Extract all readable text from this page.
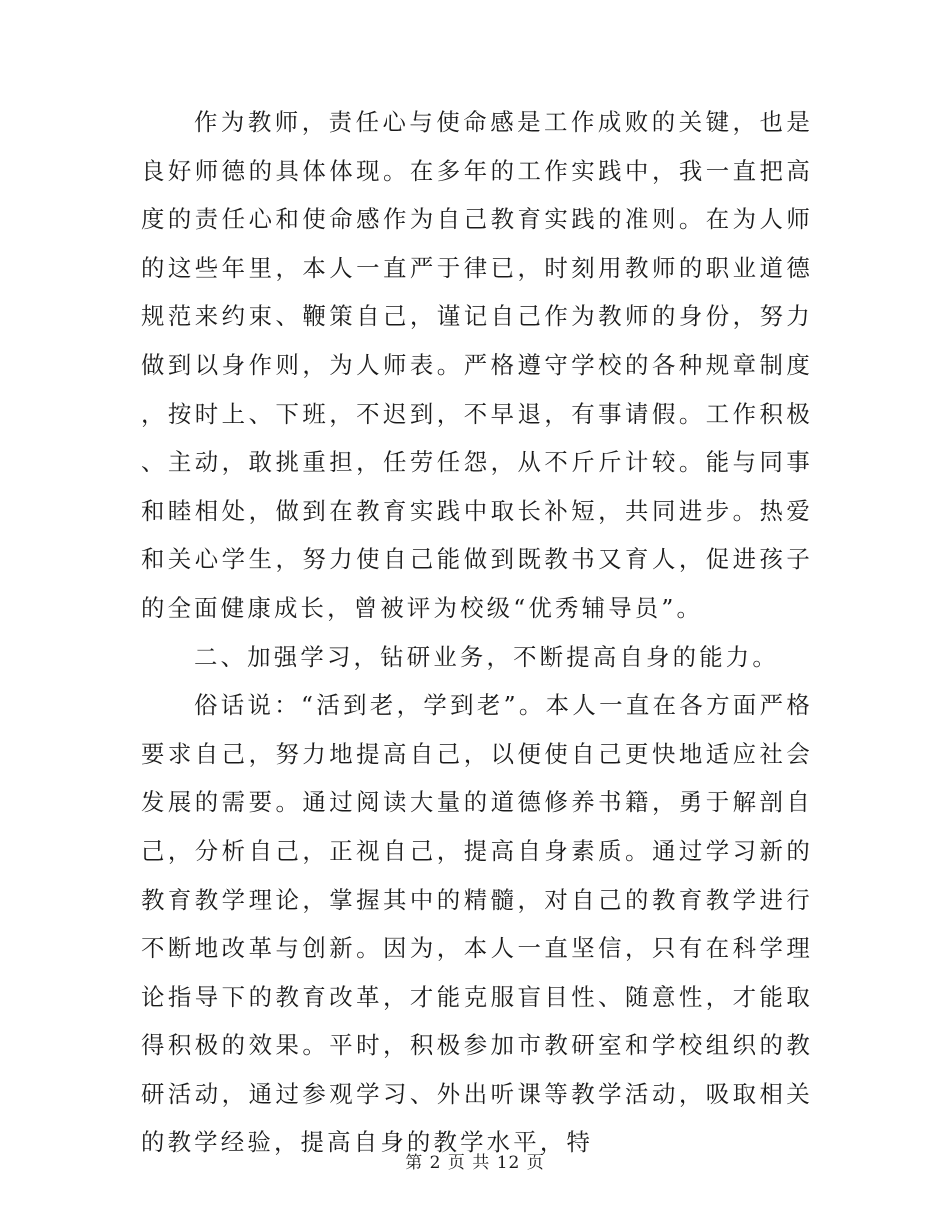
作为教师，责任心与使命感是工作成败的关键，也是良好师德的具体体现。在多年的工作实践中，我一直把高度的责任心和使命感作为自己教育实践的准则。在为人师的这些年里，本人一直严于律已，时刻用教师的职业道德规范来约束、鞭策自己，谨记自己作为教师的身份，努力做到以身作则，为人师表。严格遵守学校的各种规章制度，按时上、下班，不迟到，不早退，有事请假。工作积极、主动，敢挑重担，任劳任怨，从不斤斤计较。能与同事和睦相处，做到在教育实践中取长补短，共同进步。热爱和关心学生，努力使自己能做到既教书又育人，促进孩子的全面健康成长，曾被评为校级“优秀辅导员”。

二、加强学习，钻研业务，不断提高自身的能力。

俗话说：“活到老，学到老”。本人一直在各方面严格要求自己，努力地提高自己，以便使自己更快地适应社会发展的需要。通过阅读大量的道德修养书籍，勇于解剖自己，分析自己，正视自己，提高自身素质。通过学习新的教育教学理论，掌握其中的精髓，对自己的教育教学进行不断地改革与创新。因为，本人一直坚信，只有在科学理论指导下的教育改革，才能克服盲目性、随意性，才能取得积极的效果。平时，积极参加市教研室和学校组织的教研活动，通过参观学习、外出听课等教学活动，吸取相关的教学经验，提高自身的教学水平，特

第 2 页 共 12 页
